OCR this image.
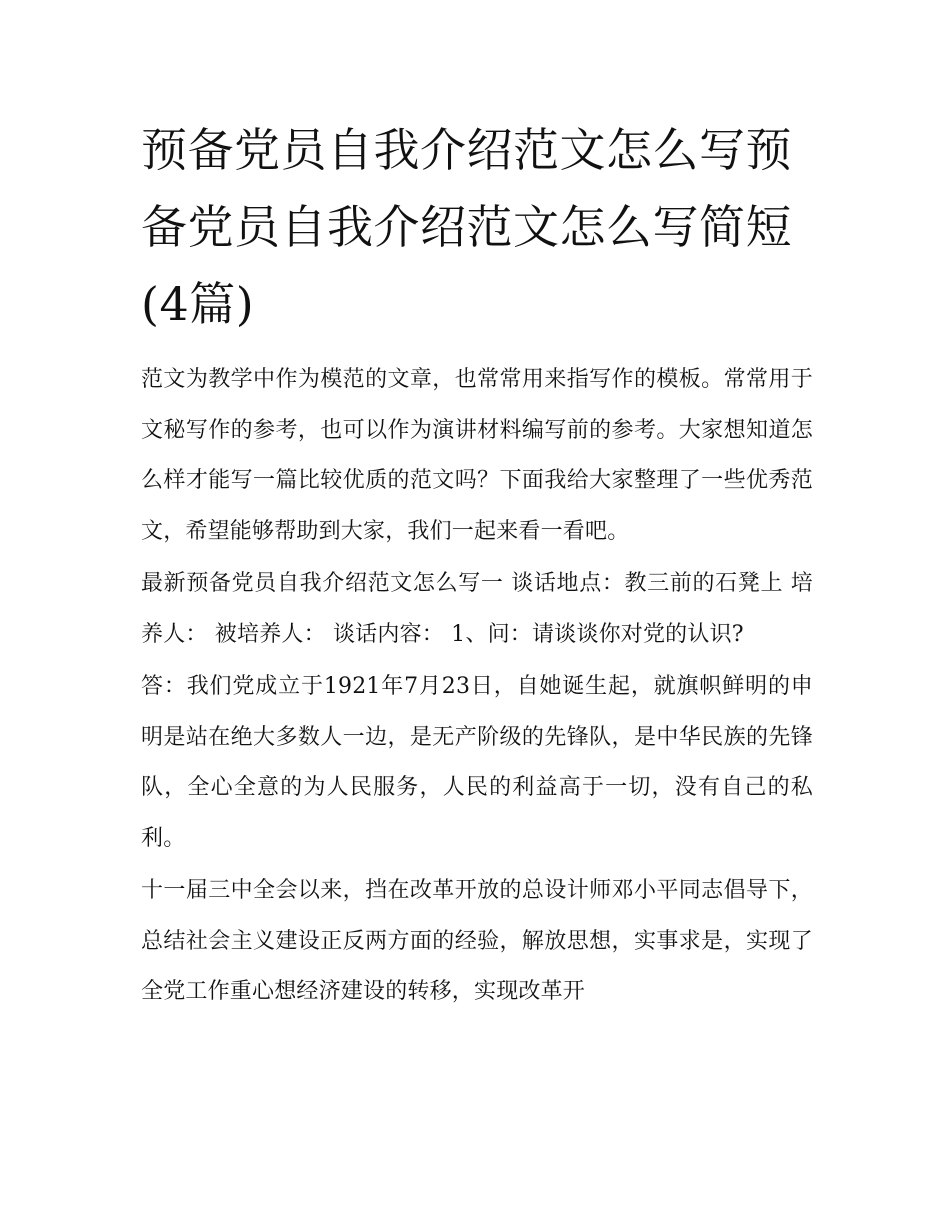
预备党员自我介绍范文怎么写预备党员自我介绍范文怎么写简短(4篇)

范文为教学中作为模范的文章，也常常用来指写作的模板。常常用于文秘写作的参考，也可以作为演讲材料编写前的参考。大家想知道怎么样才能写一篇比较优质的范文吗？下面我给大家整理了一些优秀范文，希望能够帮助到大家，我们一起来看一看吧。

最新预备党员自我介绍范文怎么写一 谈话地点：教三前的石凳上 培养人： 被培养人： 谈话内容： 1、问：请谈谈你对党的认识?

答：我们党成立于1921年7月23日，自她诞生起，就旗帜鲜明的申明是站在绝大多数人一边，是无产阶级的先锋队，是中华民族的先锋队，全心全意的为人民服务，人民的利益高于一切，没有自己的私利。

十一届三中全会以来，挡在改革开放的总设计师邓小平同志倡导下，总结社会主义建设正反两方面的经验，解放思想，实事求是，实现了全党工作重心想经济建设的转移，实现改革开
